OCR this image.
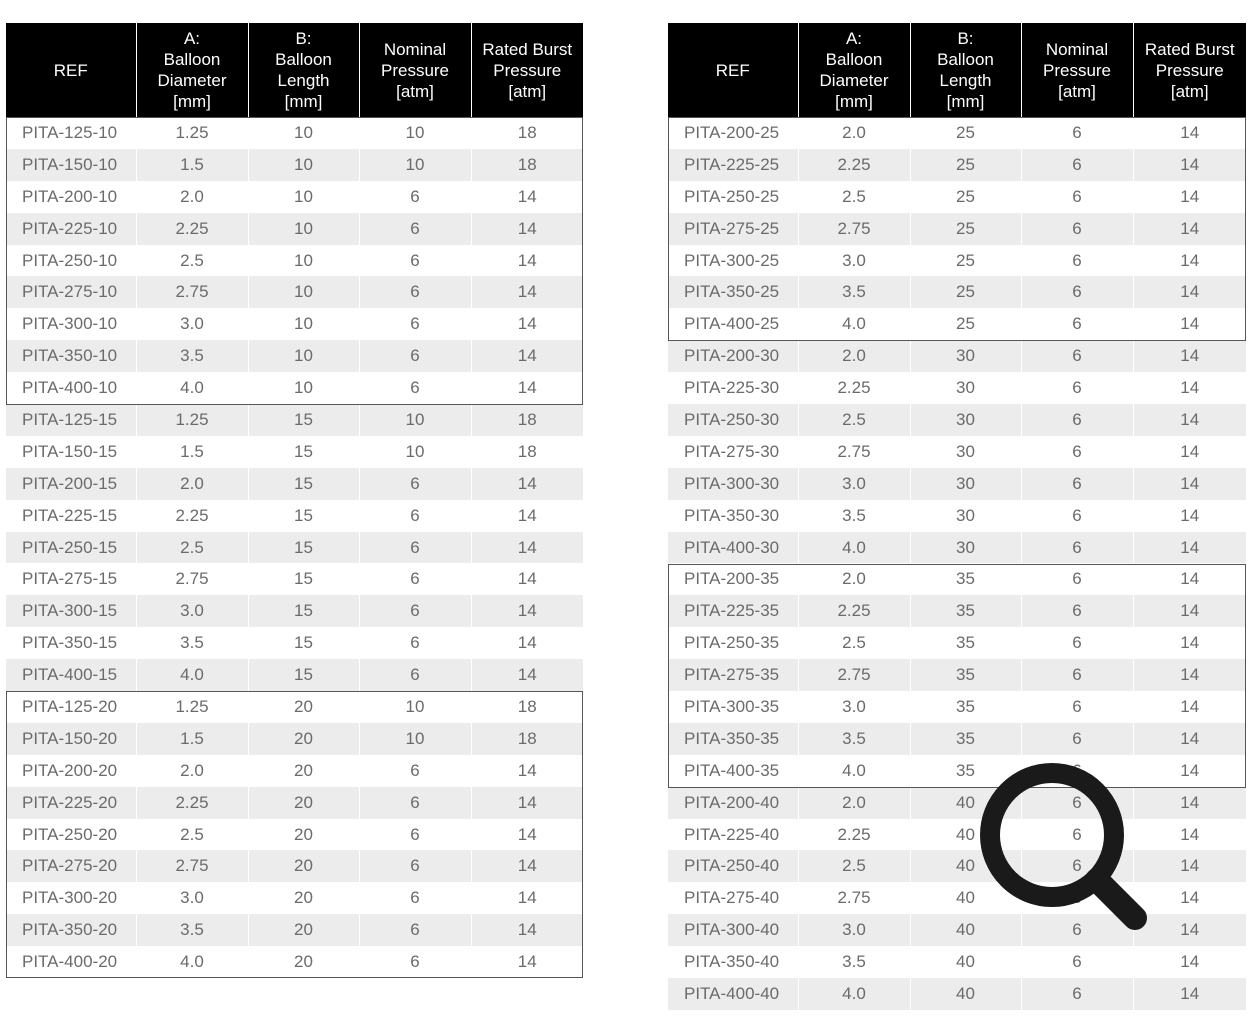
REF	A:
Balloon
Diameter
[mm]	B:
Balloon
Length
[mm]	Nominal
Pressure
[atm]	Rated Burst
Pressure
[atm]

PITA-125-10	1.25	10	10	18
PITA-150-10	1.5	10	10	18
PITA-200-10	2.0	10	6	14
PITA-225-10	2.25	10	6	14
PITA-250-10	2.5	10	6	14
PITA-275-10	2.75	10	6	14
PITA-300-10	3.0	10	6	14
PITA-350-10	3.5	10	6	14
PITA-400-10	4.0	10	6	14
PITA-125-15	1.25	15	10	18
PITA-150-15	1.5	15	10	18
PITA-200-15	2.0	15	6	14
PITA-225-15	2.25	15	6	14
PITA-250-15	2.5	15	6	14
PITA-275-15	2.75	15	6	14
PITA-300-15	3.0	15	6	14
PITA-350-15	3.5	15	6	14
PITA-400-15	4.0	15	6	14
PITA-125-20	1.25	20	10	18
PITA-150-20	1.5	20	10	18
PITA-200-20	2.0	20	6	14
PITA-225-20	2.25	20	6	14
PITA-250-20	2.5	20	6	14
PITA-275-20	2.75	20	6	14
PITA-300-20	3.0	20	6	14
PITA-350-20	3.5	20	6	14
PITA-400-20	4.0	20	6	14
REF	A:
Balloon
Diameter
[mm]	B:
Balloon
Length
[mm]	Nominal
Pressure
[atm]	Rated Burst
Pressure
[atm]

PITA-200-25	2.0	25	6	14
PITA-225-25	2.25	25	6	14
PITA-250-25	2.5	25	6	14
PITA-275-25	2.75	25	6	14
PITA-300-25	3.0	25	6	14
PITA-350-25	3.5	25	6	14
PITA-400-25	4.0	25	6	14
PITA-200-30	2.0	30	6	14
PITA-225-30	2.25	30	6	14
PITA-250-30	2.5	30	6	14
PITA-275-30	2.75	30	6	14
PITA-300-30	3.0	30	6	14
PITA-350-30	3.5	30	6	14
PITA-400-30	4.0	30	6	14
PITA-200-35	2.0	35	6	14
PITA-225-35	2.25	35	6	14
PITA-250-35	2.5	35	6	14
PITA-275-35	2.75	35	6	14
PITA-300-35	3.0	35	6	14
PITA-350-35	3.5	35	6	14
PITA-400-35	4.0	35	6	14
PITA-200-40	2.0	40	6	14
PITA-225-40	2.25	40	6	14
PITA-250-40	2.5	40	6	14
PITA-275-40	2.75	40	6	14
PITA-300-40	3.0	40	6	14
PITA-350-40	3.5	40	6	14
PITA-400-40	4.0	40	6	14
